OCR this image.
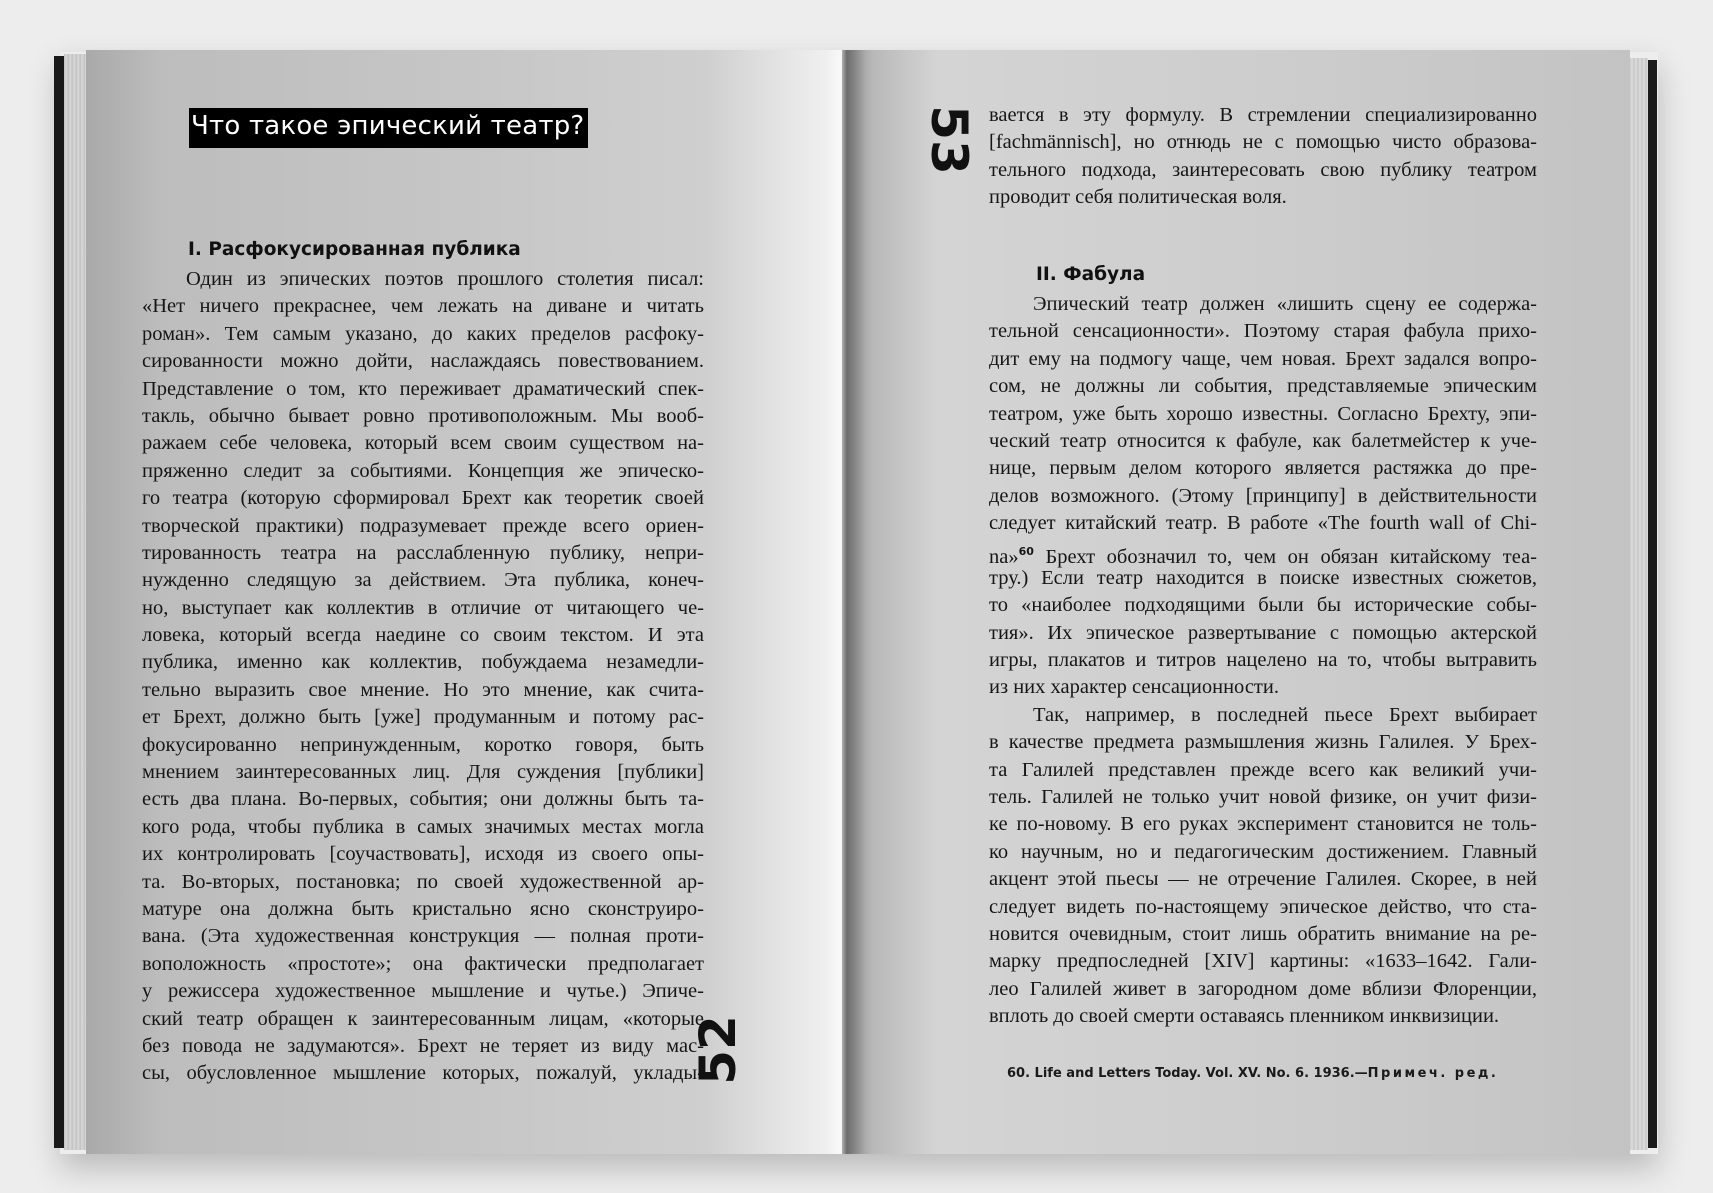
Что такое эпический театр?
I. Расфокусированная публика
Один из эпических поэтов прошлого столетия писал:
«Нет ничего прекраснее, чем лежать на диване и читать
роман». Тем самым указано, до каких пределов расфоку-
сированности можно дойти, наслаждаясь повествованием.
Представление о том, кто переживает драматический спек-
такль, обычно бывает ровно противоположным. Мы вооб-
ражаем себе человека, который всем своим существом на-
пряженно следит за событиями. Концепция же эпическо-
го театра (которую сформировал Брехт как теоретик своей
творческой практики) подразумевает прежде всего ориен-
тированность театра на расслабленную публику, непри-
нужденно следящую за действием. Эта публика, конеч-
но, выступает как коллектив в отличие от читающего че-
ловека, который всегда наедине со своим текстом. И эта
публика, именно как коллектив, побуждаема незамедли-
тельно выразить свое мнение. Но это мнение, как счита-
ет Брехт, должно быть [уже] продуманным и потому рас-
фокусированно непринужденным, коротко говоря, быть
мнением заинтересованных лиц. Для суждения [публики]
есть два плана. Во-первых, события; они должны быть та-
кого рода, чтобы публика в самых значимых местах могла
их контролировать [соучаствовать], исходя из своего опы-
та. Во-вторых, постановка; по своей художественной ар-
матуре она должна быть кристально ясно сконструиро-
вана. (Эта художественная конструкция — полная проти-
воположность «простоте»; она фактически предполагает
у режиссера художественное мышление и чутье.) Эпиче-
ский театр обращен к заинтересованным лицам, «которые
без повода не задумаются». Брехт не теряет из виду мас-
сы, обусловленное мышление которых, пожалуй, уклады-
52
53 вается в эту формулу. В стремлении специализированно
[fachmännisch], но отнюдь не с помощью чисто образова-
тельного подхода, заинтересовать свою публику театром
проводит себя политическая воля.
II. Фабула
Эпический театр должен «лишить сцену ее содержа-
тельной сенсационности». Поэтому старая фабула прихо-
дит ему на подмогу чаще, чем новая. Брехт задался вопро-
сом, не должны ли события, представляемые эпическим
театром, уже быть хорошо известны. Согласно Брехту, эпи-
ческий театр относится к фабуле, как балетмейстер к уче-
нице, первым делом которого является растяжка до пре-
делов возможного. (Этому [принципу] в действительности
следует китайский театр. В работе «The fourth wall of Chi-
na»$^{60}$ Брехт обозначил то, чем он обязан китайскому теа-
тру.) Если театр находится в поиске известных сюжетов,
то «наиболее подходящими были бы исторические собы-
тия». Их эпическое развертывание с помощью актерской
игры, плакатов и титров нацелено на то, чтобы вытравить
из них характер сенсационности.
Так, например, в последней пьесе Брехт выбирает
в качестве предмета размышления жизнь Галилея. У Брех-
та Галилей представлен прежде всего как великий учи-
тель. Галилей не только учит новой физике, он учит физи-
ке по-новому. В его руках эксперимент становится не толь-
ко научным, но и педагогическим достижением. Главный
акцент этой пьесы — не отречение Галилея. Скорее, в ней
следует видеть по-настоящему эпическое действо, что ста-
новится очевидным, стоит лишь обратить внимание на ре-
марку предпоследней [XIV] картины: «1633–1642. Гали-
лео Галилей живет в загородном доме вблизи Флоренции,
вплоть до своей смерти оставаясь пленником инквизиции.
60. Life and Letters Today. Vol. XV. No. 6. 1936.—Примеч. ред.
